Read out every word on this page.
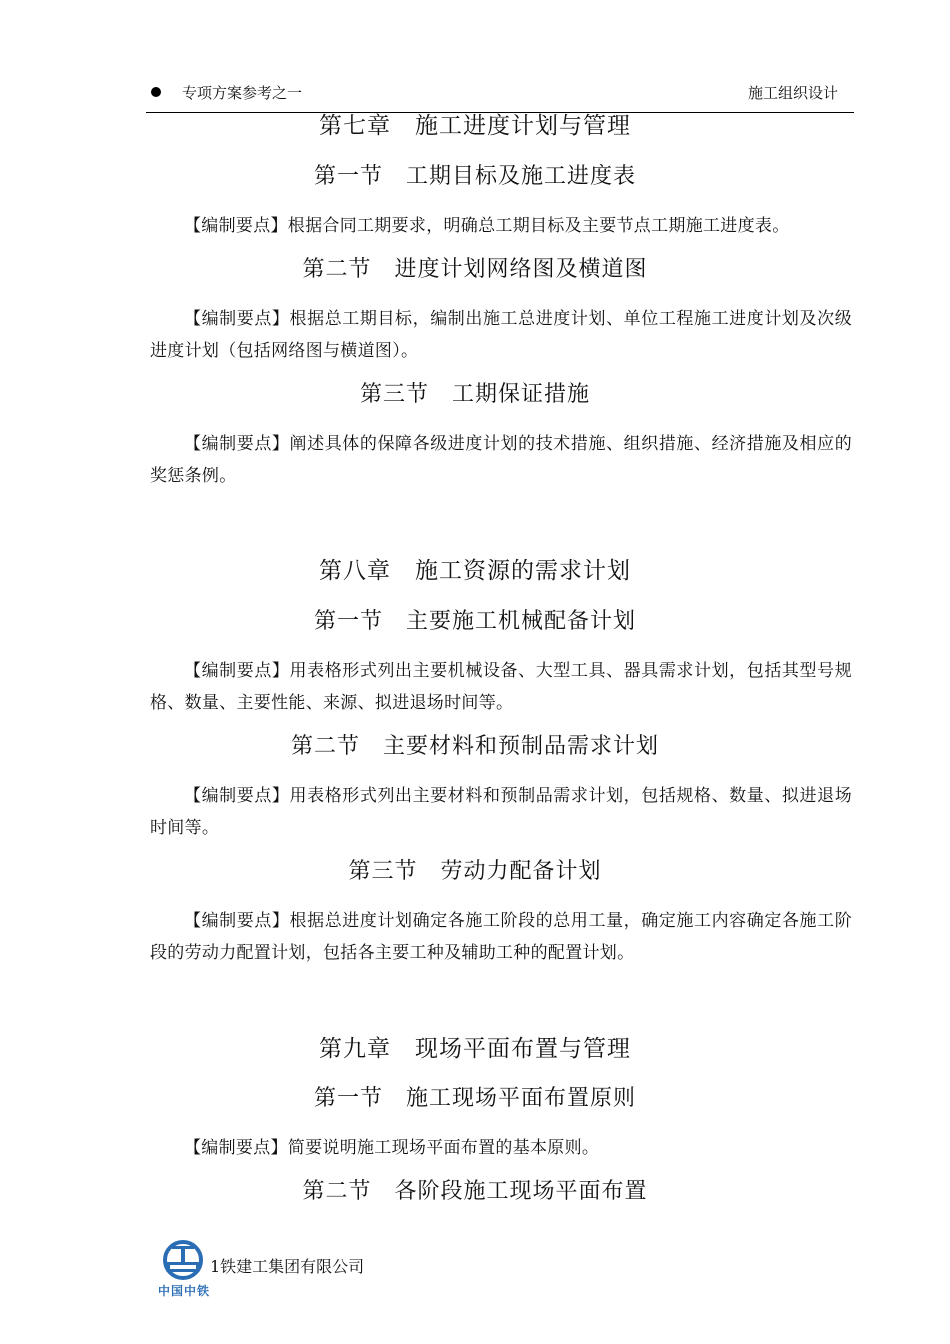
专项方案参考之一	施工组织设计
第七章　施工进度计划与管理
第一节　工期目标及施工进度表
【编制要点】根据合同工期要求，明确总工期目标及主要节点工期施工进度表。
第二节　进度计划网络图及横道图
【编制要点】根据总工期目标，编制出施工总进度计划、单位工程施工进度计划及次级进度计划（包括网络图与横道图）。
第三节　工期保证措施
【编制要点】阐述具体的保障各级进度计划的技术措施、组织措施、经济措施及相应的奖惩条例。
第八章　施工资源的需求计划
第一节　主要施工机械配备计划
【编制要点】用表格形式列出主要机械设备、大型工具、器具需求计划，包括其型号规格、数量、主要性能、来源、拟进退场时间等。
第二节　主要材料和预制品需求计划
【编制要点】用表格形式列出主要材料和预制品需求计划，包括规格、数量、拟进退场时间等。
第三节　劳动力配备计划
【编制要点】根据总进度计划确定各施工阶段的总用工量，确定施工内容确定各施工阶段的劳动力配置计划，包括各主要工种及辅助工种的配置计划。
第九章　现场平面布置与管理
第一节　施工现场平面布置原则
【编制要点】简要说明施工现场平面布置的基本原则。
第二节　各阶段施工现场平面布置
中国中铁
1铁建工集团有限公司
